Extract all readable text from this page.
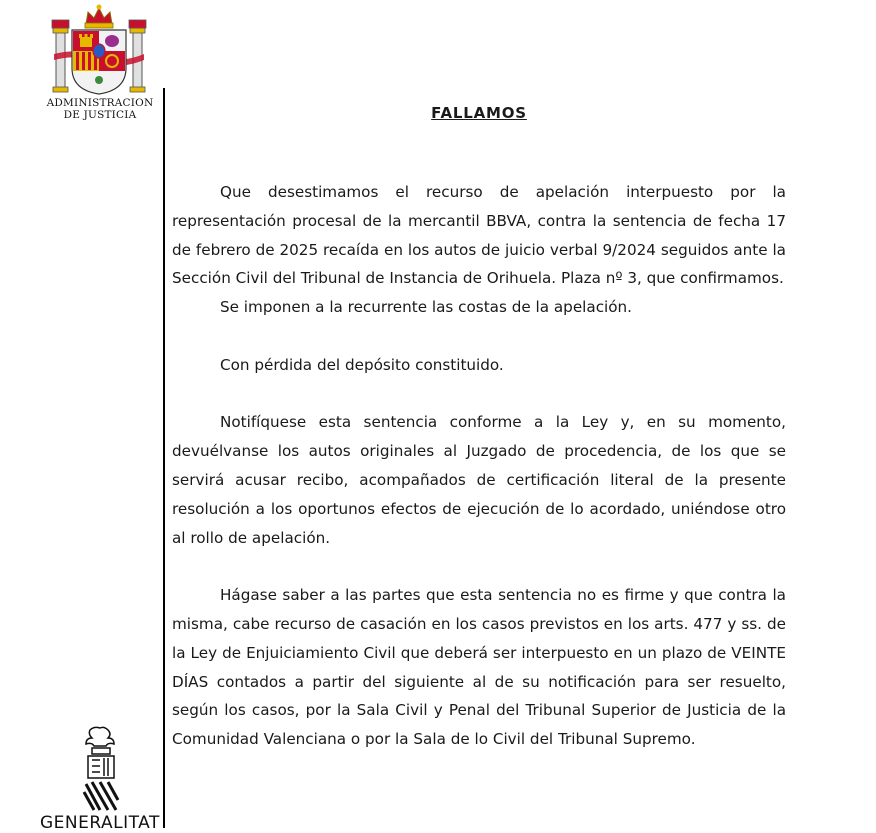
ADMINISTRACION
DE JUSTICIA
GENERALITAT
FALLAMOS

Que desestimamos el recurso de apelación interpuesto por la representación procesal de la mercantil BBVA, contra la sentencia de fecha 17 de febrero de 2025 recaída en los autos de juicio verbal 9/2024 seguidos ante la Sección Civil del Tribunal de Instancia de Orihuela. Plaza nº 3, que confirmamos.

Se imponen a la recurrente las costas de la apelación.

Con pérdida del depósito constituido.

Notifíquese esta sentencia conforme a la Ley y, en su momento, devuélvanse los autos originales al Juzgado de procedencia, de los que se servirá acusar recibo, acompañados de certificación literal de la presente resolución a los oportunos efectos de ejecución de lo acordado, uniéndose otro al rollo de apelación.

Hágase saber a las partes que esta sentencia no es firme y que contra la misma, cabe recurso de casación en los casos previstos en los arts. 477 y ss. de la Ley de Enjuiciamiento Civil que deberá ser interpuesto en un plazo de VEINTE DÍAS contados a partir del siguiente al de su notificación para ser resuelto, según los casos, por la Sala Civil y Penal del Tribunal Superior de Justicia de la Comunidad Valenciana o por la Sala de lo Civil del Tribunal Supremo.
